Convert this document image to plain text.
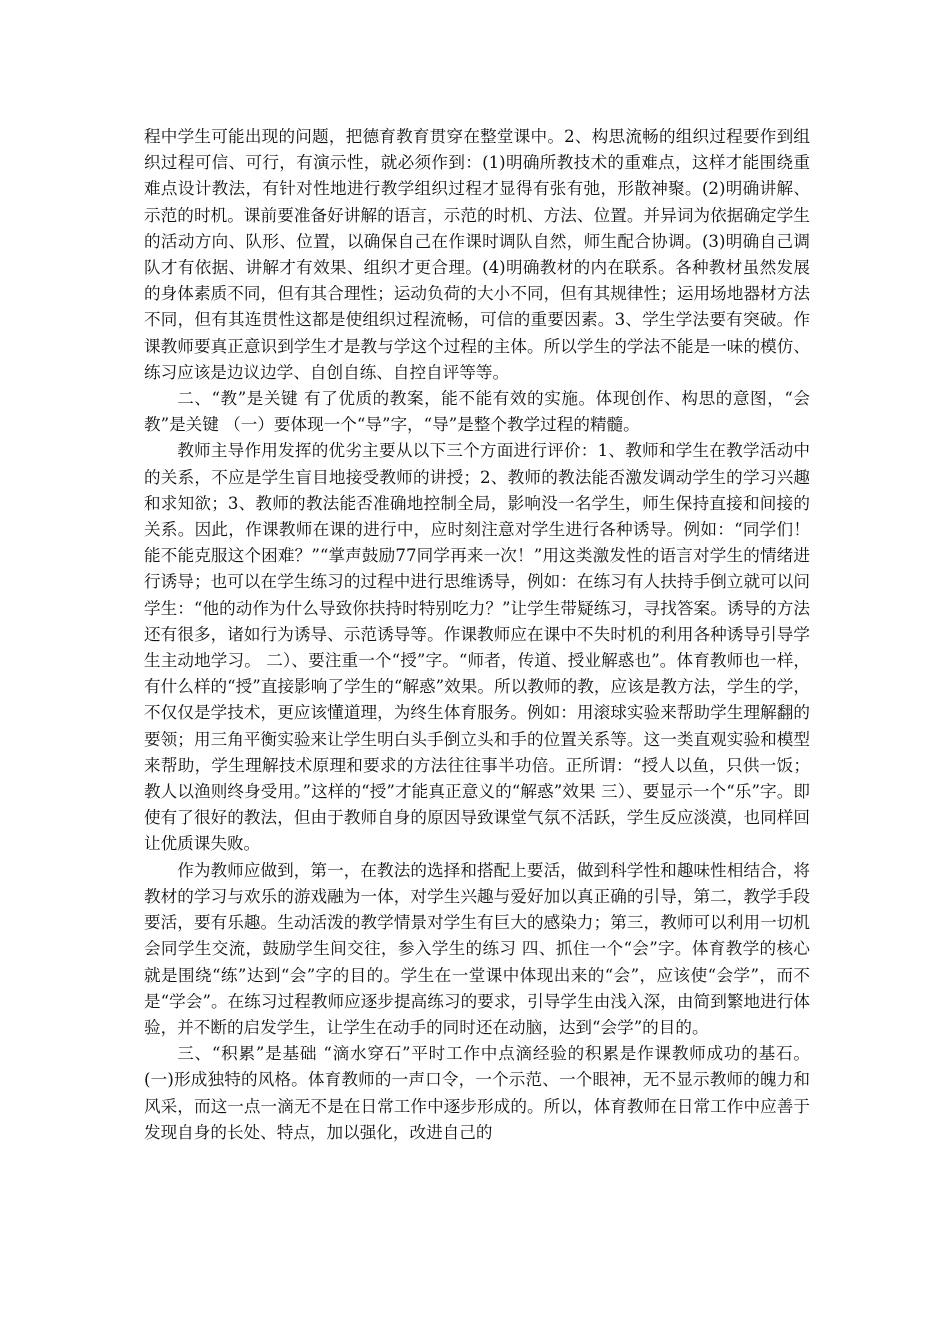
程中学生可能出现的问题，把德育教育贯穿在整堂课中。2、构思流畅的组织过程要作到组织过程可信、可行，有演示性，就必须作到：(1)明确所教技术的重难点，这样才能围绕重难点设计教法，有针对性地进行教学组织过程才显得有张有弛，形散神聚。(2)明确讲解、示范的时机。课前要准备好讲解的语言，示范的时机、方法、位置。并异词为依据确定学生的活动方向、队形、位置，以确保自己在作课时调队自然，师生配合协调。(3)明确自己调队才有依据、讲解才有效果、组织才更合理。(4)明确教材的内在联系。各种教材虽然发展的身体素质不同，但有其合理性；运动负荷的大小不同，但有其规律性；运用场地器材方法不同，但有其连贯性这都是使组织过程流畅，可信的重要因素。3、学生学法要有突破。作课教师要真正意识到学生才是教与学这个过程的主体。所以学生的学法不能是一味的模仿、练习应该是边议边学、自创自练、自控自评等等。

二、“教”是关键 有了优质的教案，能不能有效的实施。体现创作、构思的意图，“会教”是关键 （一）要体现一个“导”字，“导”是整个教学过程的精髓。

教师主导作用发挥的优劣主要从以下三个方面进行评价：1、教师和学生在教学活动中的关系，不应是学生盲目地接受教师的讲授；2、教师的教法能否激发调动学生的学习兴趣和求知欲；3、教师的教法能否准确地控制全局，影响没一名学生，师生保持直接和间接的关系。因此，作课教师在课的进行中，应时刻注意对学生进行各种诱导。例如：“同学们！能不能克服这个困难？”“掌声鼓励77同学再来一次！”用这类激发性的语言对学生的情绪进行诱导；也可以在学生练习的过程中进行思维诱导，例如：在练习有人扶持手倒立就可以问学生：“他的动作为什么导致你扶持时特别吃力？”让学生带疑练习，寻找答案。诱导的方法还有很多，诸如行为诱导、示范诱导等。作课教师应在课中不失时机的利用各种诱导引导学生主动地学习。 二）、要注重一个“授”字。“师者，传道、授业解惑也”。体育教师也一样，有什么样的“授”直接影响了学生的“解惑”效果。所以教师的教，应该是教方法，学生的学，不仅仅是学技术，更应该懂道理，为终生体育服务。例如：用滚球实验来帮助学生理解翻的要领；用三角平衡实验来让学生明白头手倒立头和手的位置关系等。这一类直观实验和模型来帮助，学生理解技术原理和要求的方法往往事半功倍。正所谓：“授人以鱼，只供一饭；教人以渔则终身受用。”这样的“授”才能真正意义的“解惑”效果 三）、要显示一个“乐”字。即使有了很好的教法，但由于教师自身的原因导致课堂气氛不活跃，学生反应淡漠，也同样回让优质课失败。

作为教师应做到，第一，在教法的选择和搭配上要活，做到科学性和趣味性相结合，将教材的学习与欢乐的游戏融为一体，对学生兴趣与爱好加以真正确的引导，第二，教学手段要活，要有乐趣。生动活泼的教学情景对学生有巨大的感染力；第三，教师可以利用一切机会同学生交流，鼓励学生间交往，参入学生的练习 四、抓住一个“会”字。体育教学的核心就是围绕“练”达到“会”字的目的。学生在一堂课中体现出来的“会”，应该使“会学”，而不是“学会”。在练习过程教师应逐步提高练习的要求，引导学生由浅入深，由简到繁地进行体验，并不断的启发学生，让学生在动手的同时还在动脑，达到“会学”的目的。

三、“积累”是基础 “滴水穿石”平时工作中点滴经验的积累是作课教师成功的基石。(一)形成独特的风格。体育教师的一声口令，一个示范、一个眼神，无不显示教师的魄力和风采，而这一点一滴无不是在日常工作中逐步形成的。所以，体育教师在日常工作中应善于发现自身的长处、特点，加以强化，改进自己的
